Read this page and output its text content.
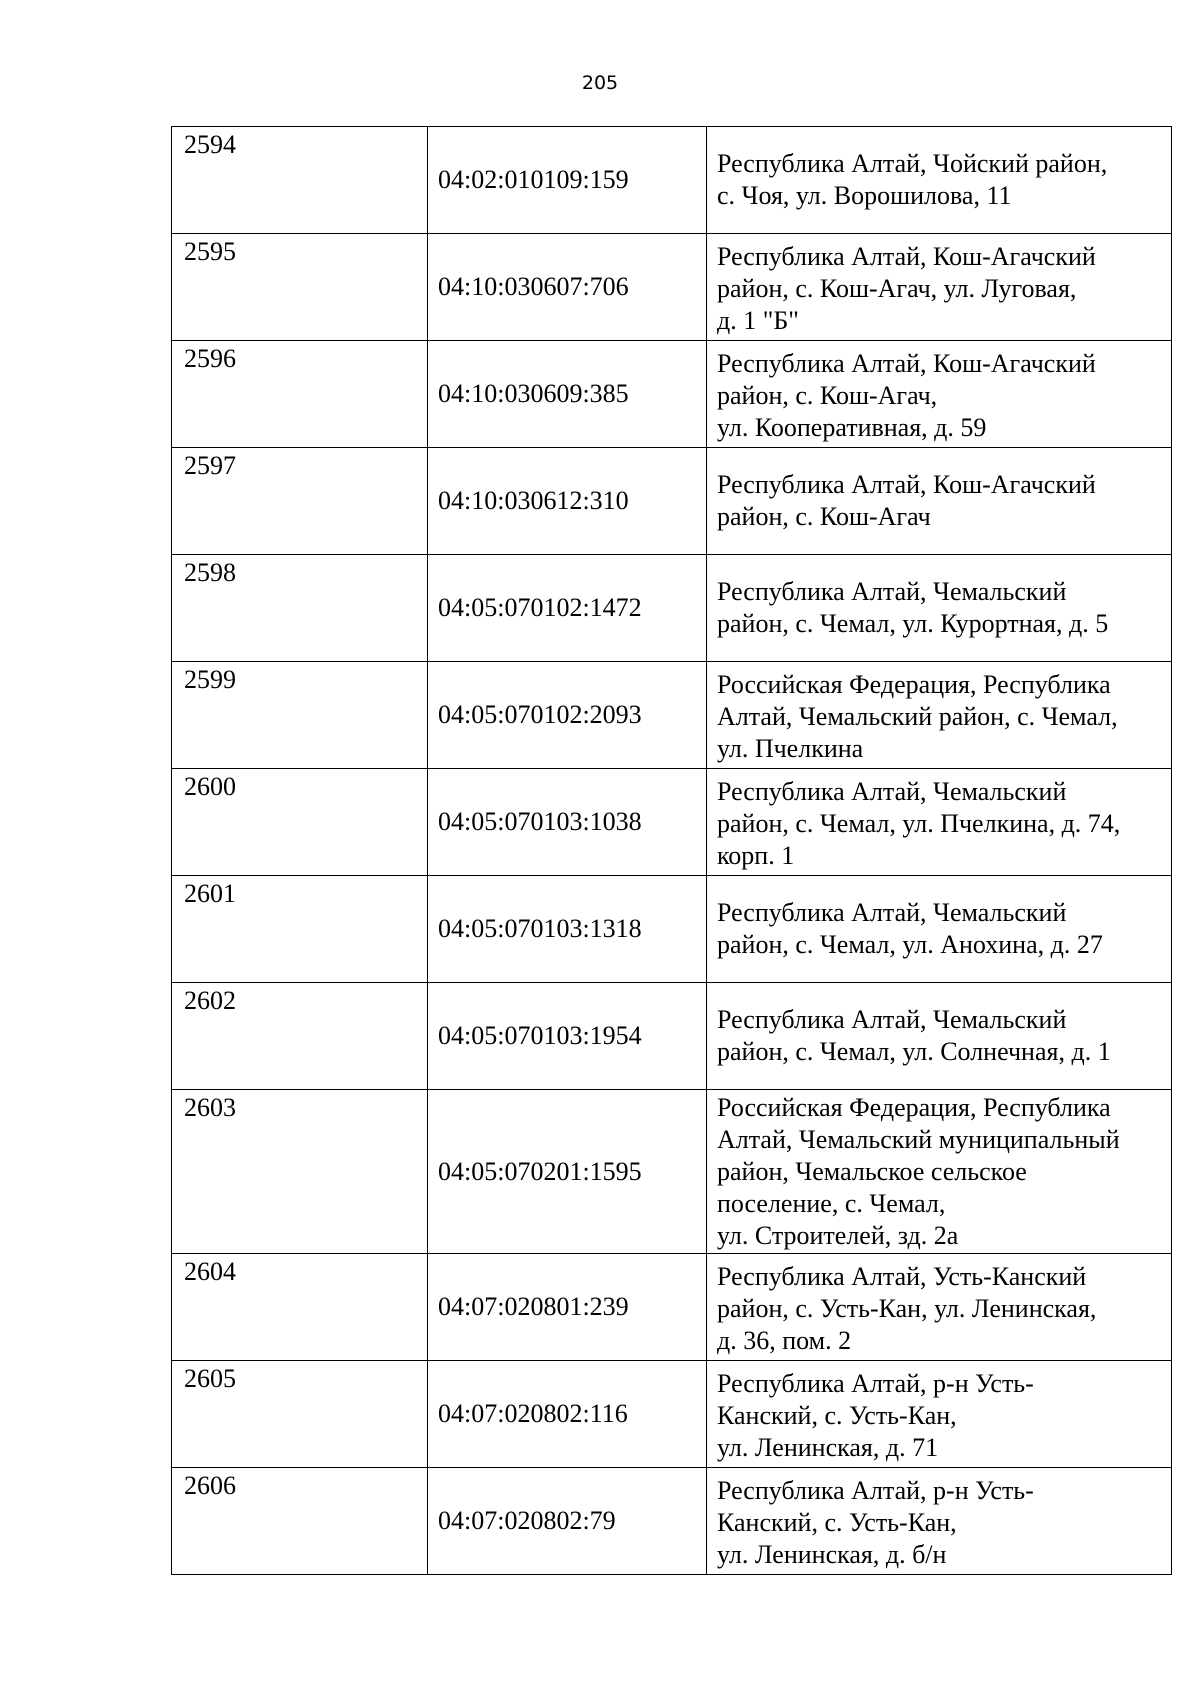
205
2594	04:02:010109:159	Республика Алтай, Чойский район,
с. Чоя, ул. Ворошилова, 11
2595	04:10:030607:706	Республика Алтай, Кош-Агачский
район, с. Кош-Агач, ул. Луговая,
д. 1 "Б"
2596	04:10:030609:385	Республика Алтай, Кош-Агачский
район, с. Кош-Агач,
ул. Кооперативная, д. 59
2597	04:10:030612:310	Республика Алтай, Кош-Агачский
район, с. Кош-Агач
2598	04:05:070102:1472	Республика Алтай, Чемальский
район, с. Чемал, ул. Курортная, д. 5
2599	04:05:070102:2093	Российская Федерация, Республика
Алтай, Чемальский район, с. Чемал,
ул. Пчелкина
2600	04:05:070103:1038	Республика Алтай, Чемальский
район, с. Чемал, ул. Пчелкина, д. 74,
корп. 1
2601	04:05:070103:1318	Республика Алтай, Чемальский
район, с. Чемал, ул. Анохина, д. 27
2602	04:05:070103:1954	Республика Алтай, Чемальский
район, с. Чемал, ул. Солнечная, д. 1
2603	04:05:070201:1595	Российская Федерация, Республика
Алтай, Чемальский муниципальный
район, Чемальское сельское
поселение, с. Чемал,
ул. Строителей, зд. 2а
2604	04:07:020801:239	Республика Алтай, Усть-Канский
район, с. Усть-Кан, ул. Ленинская,
д. 36, пом. 2
2605	04:07:020802:116	Республика Алтай, р-н Усть-
Канский, с. Усть-Кан,
ул. Ленинская, д. 71
2606	04:07:020802:79	Республика Алтай, р-н Усть-
Канский, с. Усть-Кан,
ул. Ленинская, д. б/н
